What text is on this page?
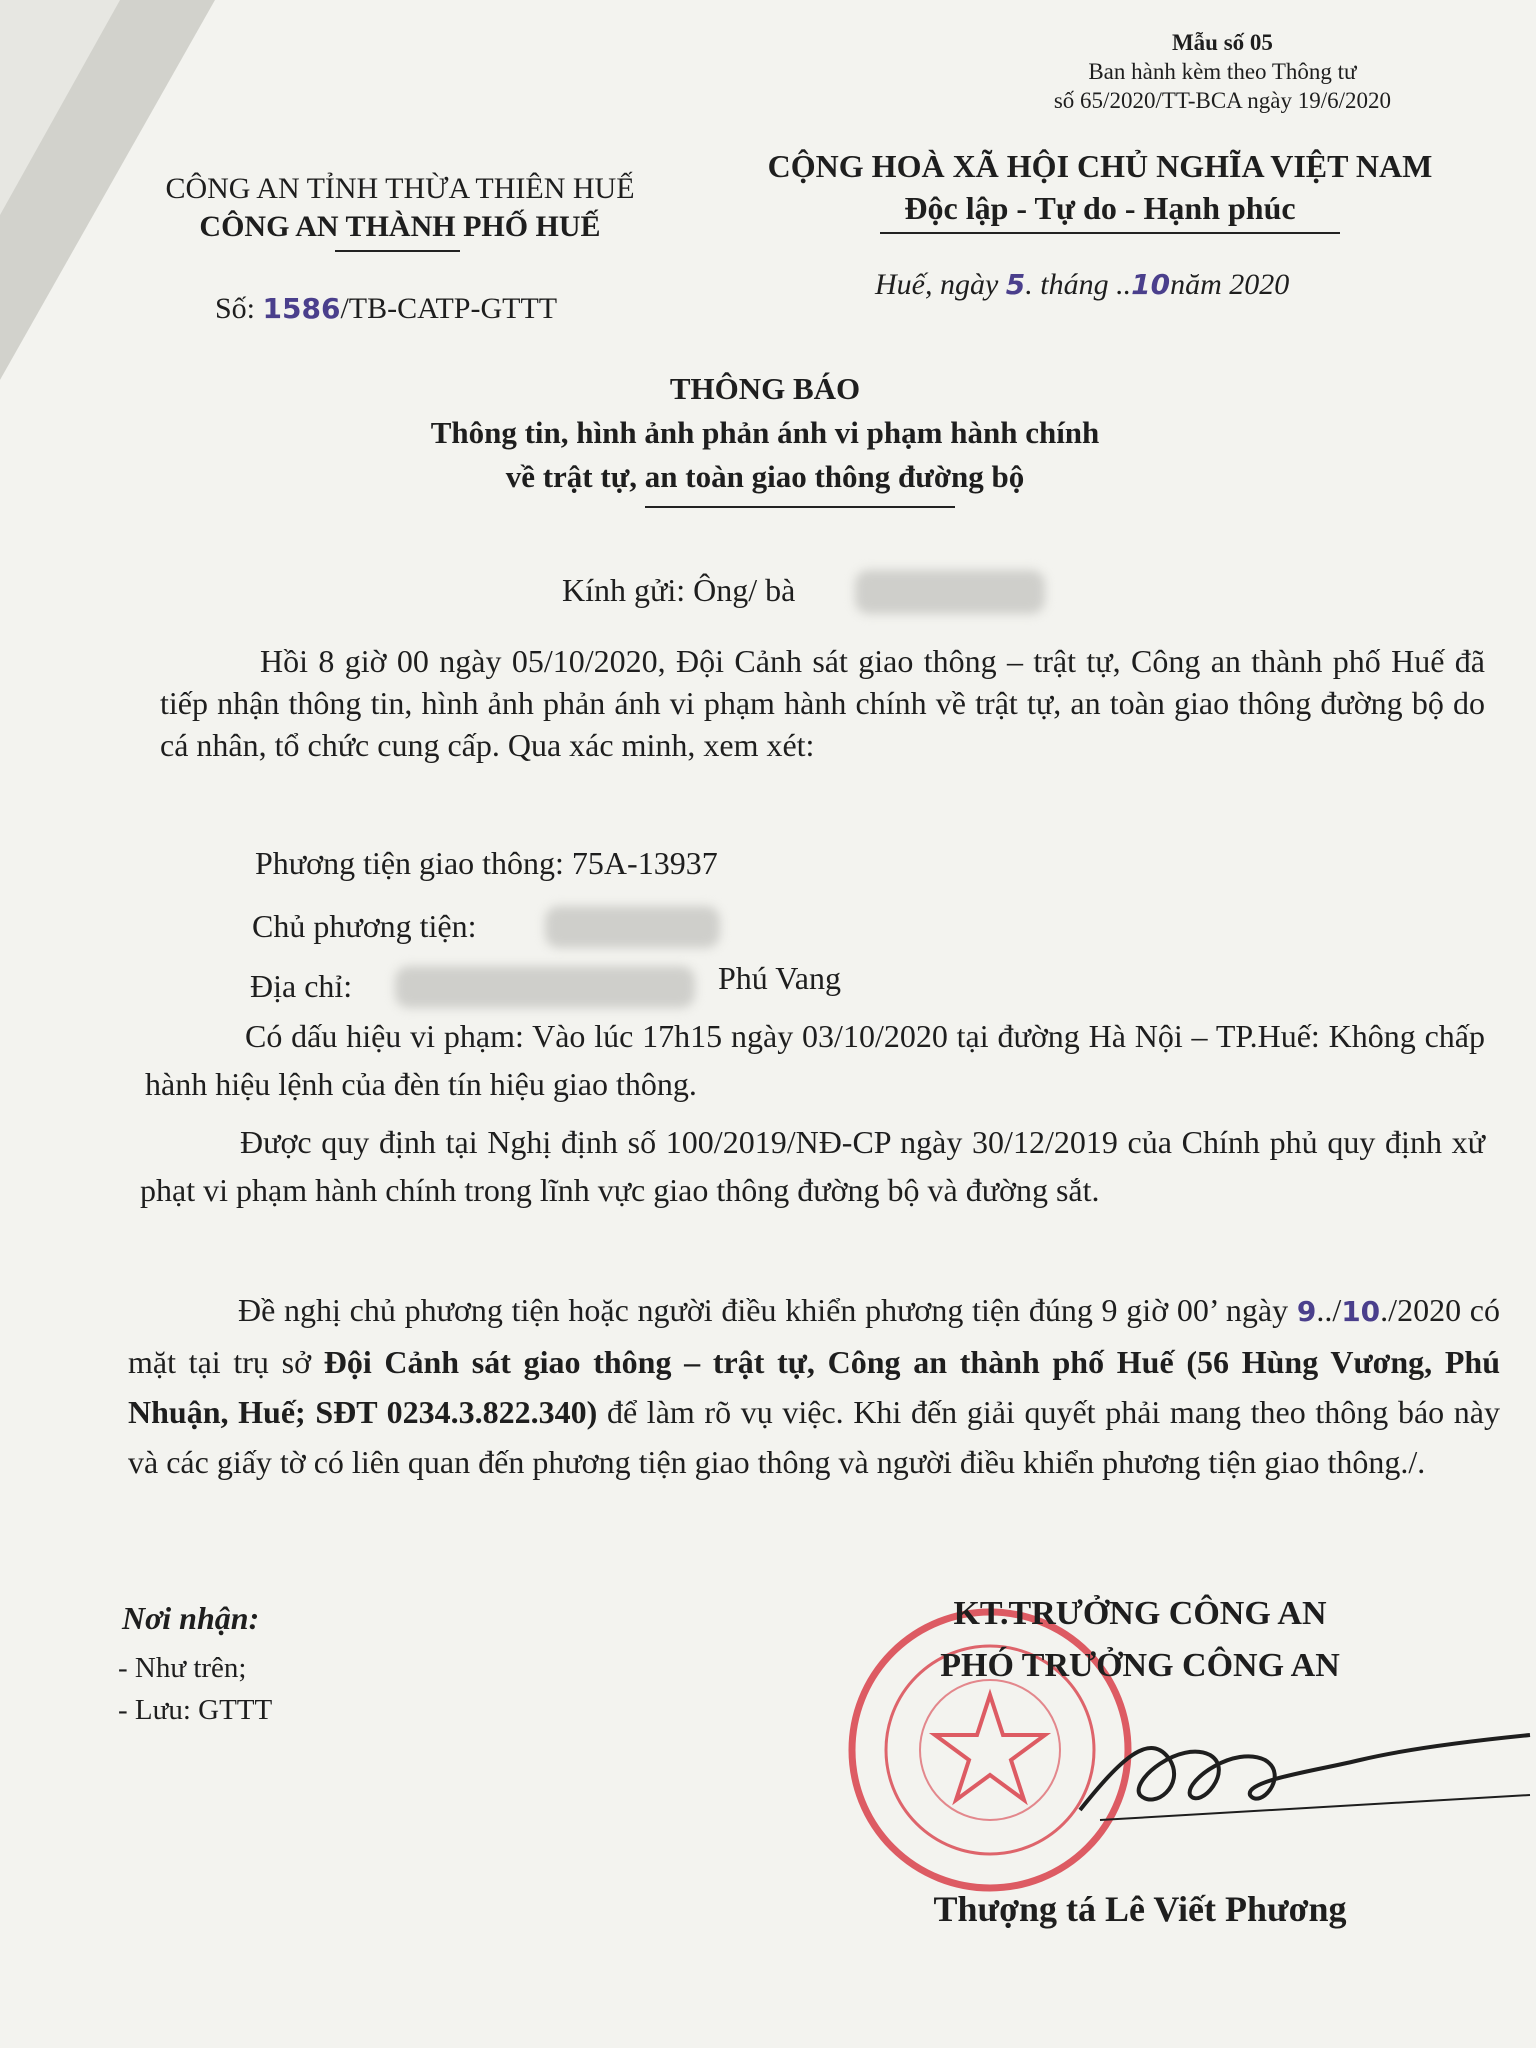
Mẫu số 05
Ban hành kèm theo Thông tư
số 65/2020/TT-BCA ngày 19/6/2020
CÔNG AN TỈNH THỪA THIÊN HUẾ
CÔNG AN THÀNH PHỐ HUẾ
CỘNG HOÀ XÃ HỘI CHỦ NGHĨA VIỆT NAM
Độc lập - Tự do - Hạnh phúc
Số: 1586/TB-CATP-GTTT
Huế, ngày 5. tháng ..10năm 2020
THÔNG BÁO
Thông tin, hình ảnh phản ánh vi phạm hành chính
về trật tự, an toàn giao thông đường bộ
Kính gửi: Ông/ bà
Hồi 8 giờ 00 ngày 05/10/2020, Đội Cảnh sát giao thông – trật tự, Công an thành phố Huế đã tiếp nhận thông tin, hình ảnh phản ánh vi phạm hành chính về trật tự, an toàn giao thông đường bộ do cá nhân, tổ chức cung cấp. Qua xác minh, xem xét:
Phương tiện giao thông: 75A-13937
Chủ phương tiện:
Địa chỉ:	Phú Vang
Có dấu hiệu vi phạm: Vào lúc 17h15 ngày 03/10/2020 tại đường Hà Nội – TP.Huế: Không chấp hành hiệu lệnh của đèn tín hiệu giao thông.
Được quy định tại Nghị định số 100/2019/NĐ-CP ngày 30/12/2019 của Chính phủ quy định xử phạt vi phạm hành chính trong lĩnh vực giao thông đường bộ và đường sắt.
Đề nghị chủ phương tiện hoặc người điều khiển phương tiện đúng 9 giờ 00’ ngày 9../10./2020 có mặt tại trụ sở Đội Cảnh sát giao thông – trật tự, Công an thành phố Huế (56 Hùng Vương, Phú Nhuận, Huế; SĐT 0234.3.822.340) để làm rõ vụ việc. Khi đến giải quyết phải mang theo thông báo này và các giấy tờ có liên quan đến phương tiện giao thông và người điều khiển phương tiện giao thông./.
Nơi nhận:
- Như trên;
- Lưu: GTTT
KT.TRƯỞNG CÔNG AN
PHÓ TRƯỞNG CÔNG AN
Thượng tá Lê Viết Phương
